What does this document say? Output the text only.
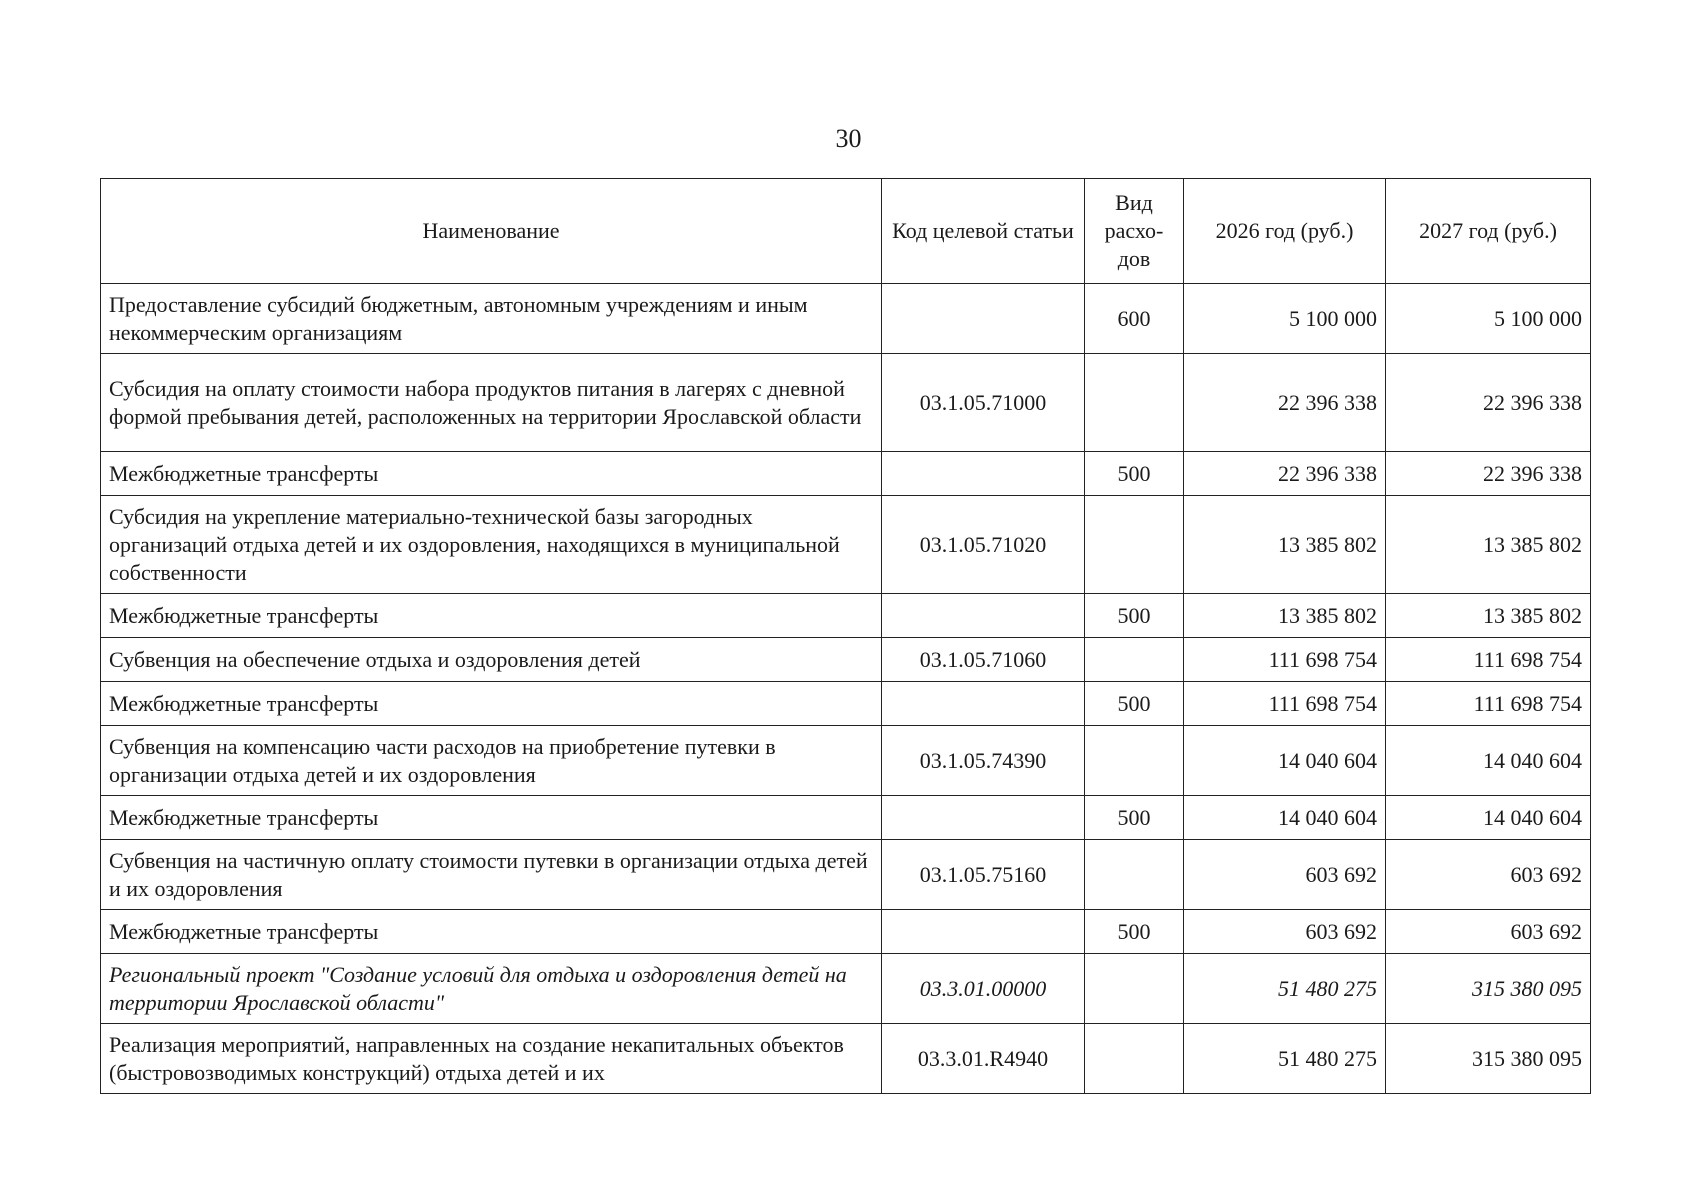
30
Наименование	Код целевой статьи	Вид расхо-дов	2026 год (руб.)	2027 год (руб.)
Предоставление субсидий бюджетным, автономным учреждениям и иным некоммерческим организациям		600	5 100 000	5 100 000
Субсидия на оплату стоимости набора продуктов питания в лагерях с дневной формой пребывания детей, расположенных на территории Ярославской области	03.1.05.71000		22 396 338	22 396 338
Межбюджетные трансферты		500	22 396 338	22 396 338
Субсидия на укрепление материально-технической базы загородных организаций отдыха детей и их оздоровления, находящихся в муниципальной собственности	03.1.05.71020		13 385 802	13 385 802
Межбюджетные трансферты		500	13 385 802	13 385 802
Субвенция на обеспечение отдыха и оздоровления детей	03.1.05.71060		111 698 754	111 698 754
Межбюджетные трансферты		500	111 698 754	111 698 754
Субвенция на компенсацию части расходов на приобретение путевки в организации отдыха детей и их оздоровления	03.1.05.74390		14 040 604	14 040 604
Межбюджетные трансферты		500	14 040 604	14 040 604
Субвенция на частичную оплату стоимости путевки в организации отдыха детей и их оздоровления	03.1.05.75160		603 692	603 692
Межбюджетные трансферты		500	603 692	603 692
Региональный проект "Создание условий для отдыха и оздоровления детей на территории Ярославской области"	03.3.01.00000		51 480 275	315 380 095
Реализация мероприятий, направленных на создание некапитальных объектов (быстровозводимых конструкций) отдыха детей и их	03.3.01.R4940		51 480 275	315 380 095
